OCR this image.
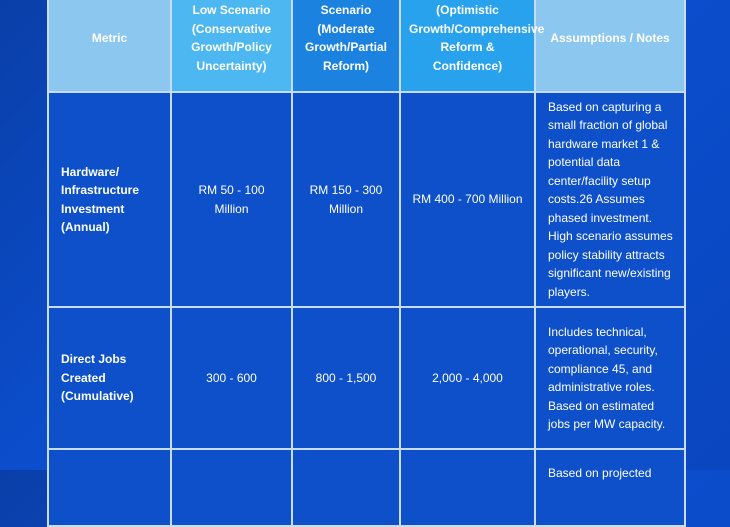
Metric	Low Scenario (Conservative Growth/Policy Uncertainty)	Scenario (Moderate Growth/Partial Reform)	(Optimistic Growth/Comprehensive Reform & Confidence)	Assumptions / Notes
Hardware/ Infrastructure Investment (Annual)	RM 50 - 100 Million	RM 150 - 300 Million	RM 400 - 700 Million	Based on capturing a small fraction of global hardware market 1 & potential data center/facility setup costs.26 Assumes phased investment. High scenario assumes policy stability attracts significant new/existing players.
Direct Jobs Created (Cumulative)	300 - 600	800 - 1,500	2,000 - 4,000	Includes technical, operational, security, compliance 45, and administrative roles. Based on estimated jobs per MW capacity.
				Based on projected
